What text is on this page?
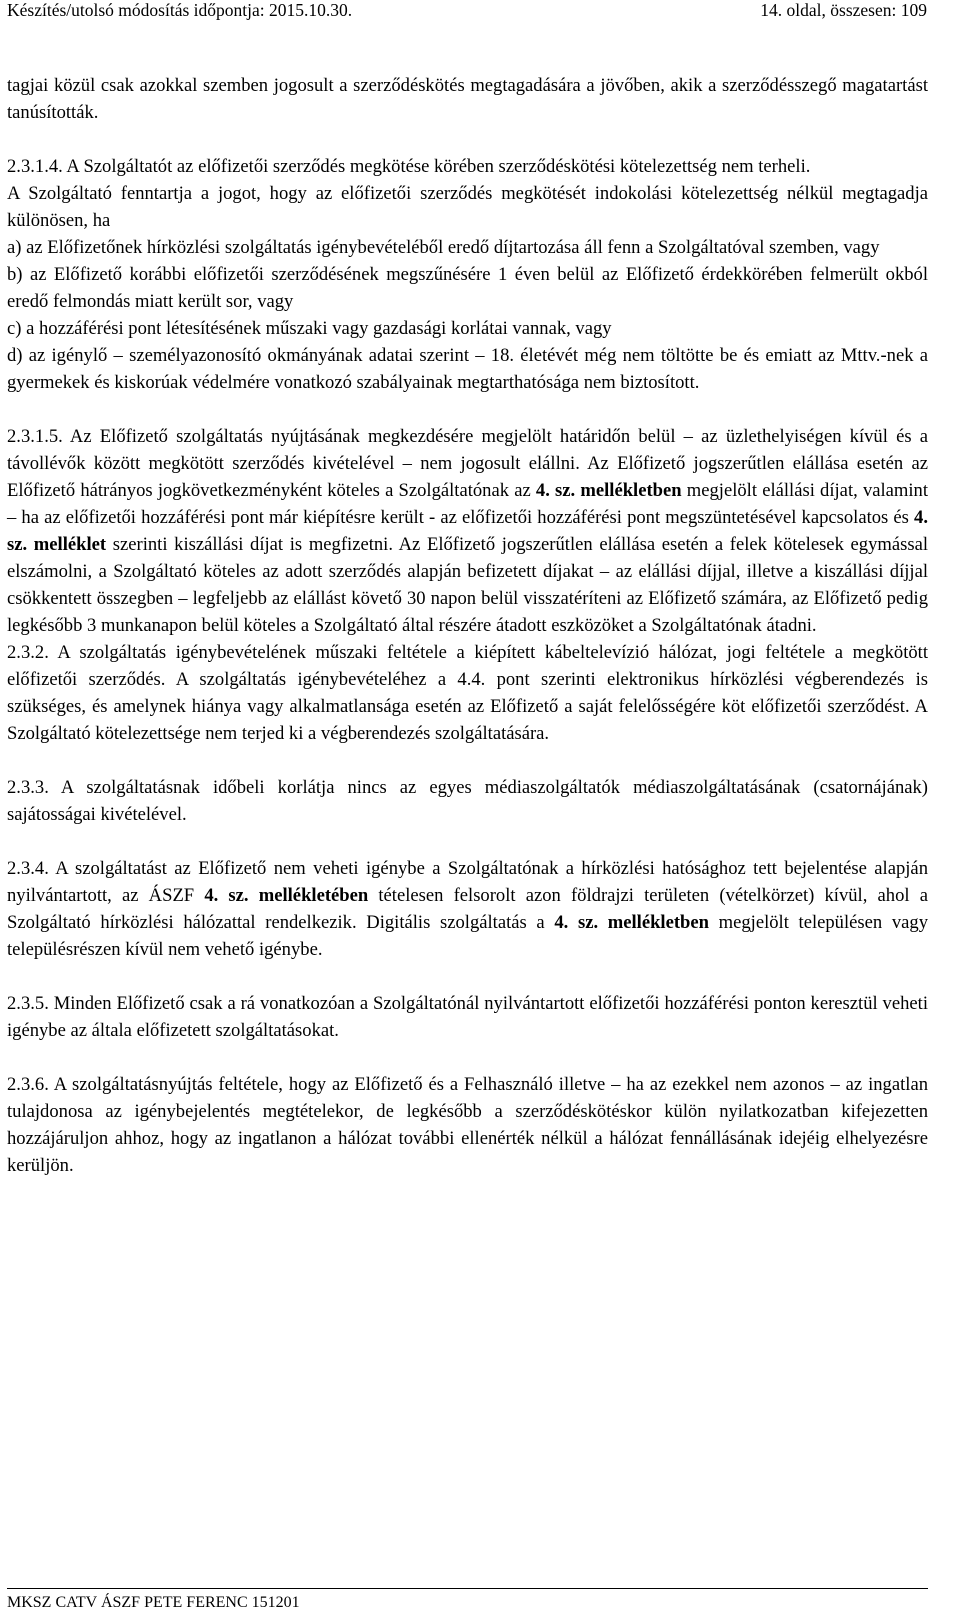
Készítés/utolsó módosítás időpontja: 2015.10.30.	14. oldal, összesen: 109

tagjai közül csak azokkal szemben jogosult a szerződéskötés megtagadására a jövőben, akik a szerződésszegő magatartást tanúsították.

2.3.1.4. A Szolgáltatót az előfizetői szerződés megkötése körében szerződéskötési kötelezettség nem terheli.

A Szolgáltató fenntartja a jogot, hogy az előfizetői szerződés megkötését indokolási kötelezettség nélkül megtagadja különösen, ha

a) az Előfizetőnek hírközlési szolgáltatás igénybevételéből eredő díjtartozása áll fenn a Szolgáltatóval szemben, vagy

b) az Előfizető korábbi előfizetői szerződésének megszűnésére 1 éven belül az Előfizető érdekkörében felmerült okból eredő felmondás miatt került sor, vagy

c) a hozzáférési pont létesítésének műszaki vagy gazdasági korlátai vannak, vagy

d) az igénylő – személyazonosító okmányának adatai szerint – 18. életévét még nem töltötte be és emiatt az Mttv.-nek a gyermekek és kiskorúak védelmére vonatkozó szabályainak megtarthatósága nem biztosított.

2.3.1.5. Az Előfizető szolgáltatás nyújtásának megkezdésére megjelölt határidőn belül – az üzlethelyiségen kívül és a távollévők között megkötött szerződés kivételével – nem jogosult elállni. Az Előfizető jogszerűtlen elállása esetén az Előfizető hátrányos jogkövetkezményként köteles a Szolgáltatónak az 4. sz. mellékletben megjelölt elállási díjat, valamint – ha az előfizetői hozzáférési pont már kiépítésre került - az előfizetői hozzáférési pont megszüntetésével kapcsolatos és 4. sz. melléklet szerinti kiszállási díjat is megfizetni. Az Előfizető jogszerűtlen elállása esetén a felek kötelesek egymással elszámolni, a Szolgáltató köteles az adott szerződés alapján befizetett díjakat – az elállási díjjal, illetve a kiszállási díjjal csökkentett összegben – legfeljebb az elállást követő 30 napon belül visszatéríteni az Előfizető számára, az Előfizető pedig legkésőbb 3 munkanapon belül köteles a Szolgáltató által részére átadott eszközöket a Szolgáltatónak átadni.

2.3.2. A szolgáltatás igénybevételének műszaki feltétele a kiépített kábeltelevízió hálózat, jogi feltétele a megkötött előfizetői szerződés. A szolgáltatás igénybevételéhez a 4.4. pont szerinti elektronikus hírközlési végberendezés is szükséges, és amelynek hiánya vagy alkalmatlansága esetén az Előfizető a saját felelősségére köt előfizetői szerződést. A Szolgáltató kötelezettsége nem terjed ki a végberendezés szolgáltatására.

2.3.3. A szolgáltatásnak időbeli korlátja nincs az egyes médiaszolgáltatók médiaszolgáltatásának (csatornájának) sajátosságai kivételével.

2.3.4. A szolgáltatást az Előfizető nem veheti igénybe a Szolgáltatónak a hírközlési hatósághoz tett bejelentése alapján nyilvántartott, az ÁSZF 4. sz. mellékletében tételesen felsorolt azon földrajzi területen (vételkörzet) kívül, ahol a Szolgáltató hírközlési hálózattal rendelkezik. Digitális szolgáltatás a 4. sz. mellékletben megjelölt településen vagy településrészen kívül nem vehető igénybe.

2.3.5. Minden Előfizető csak a rá vonatkozóan a Szolgáltatónál nyilvántartott előfizetői hozzáférési ponton keresztül veheti igénybe az általa előfizetett szolgáltatásokat.

2.3.6. A szolgáltatásnyújtás feltétele, hogy az Előfizető és a Felhasználó illetve – ha az ezekkel nem azonos – az ingatlan tulajdonosa az igénybejelentés megtételekor, de legkésőbb a szerződéskötéskor külön nyilatkozatban kifejezetten hozzájáruljon ahhoz, hogy az ingatlanon a hálózat további ellenérték nélkül a hálózat fennállásának idejéig elhelyezésre kerüljön.

MKSZ CATV ÁSZF PETE FERENC 151201
